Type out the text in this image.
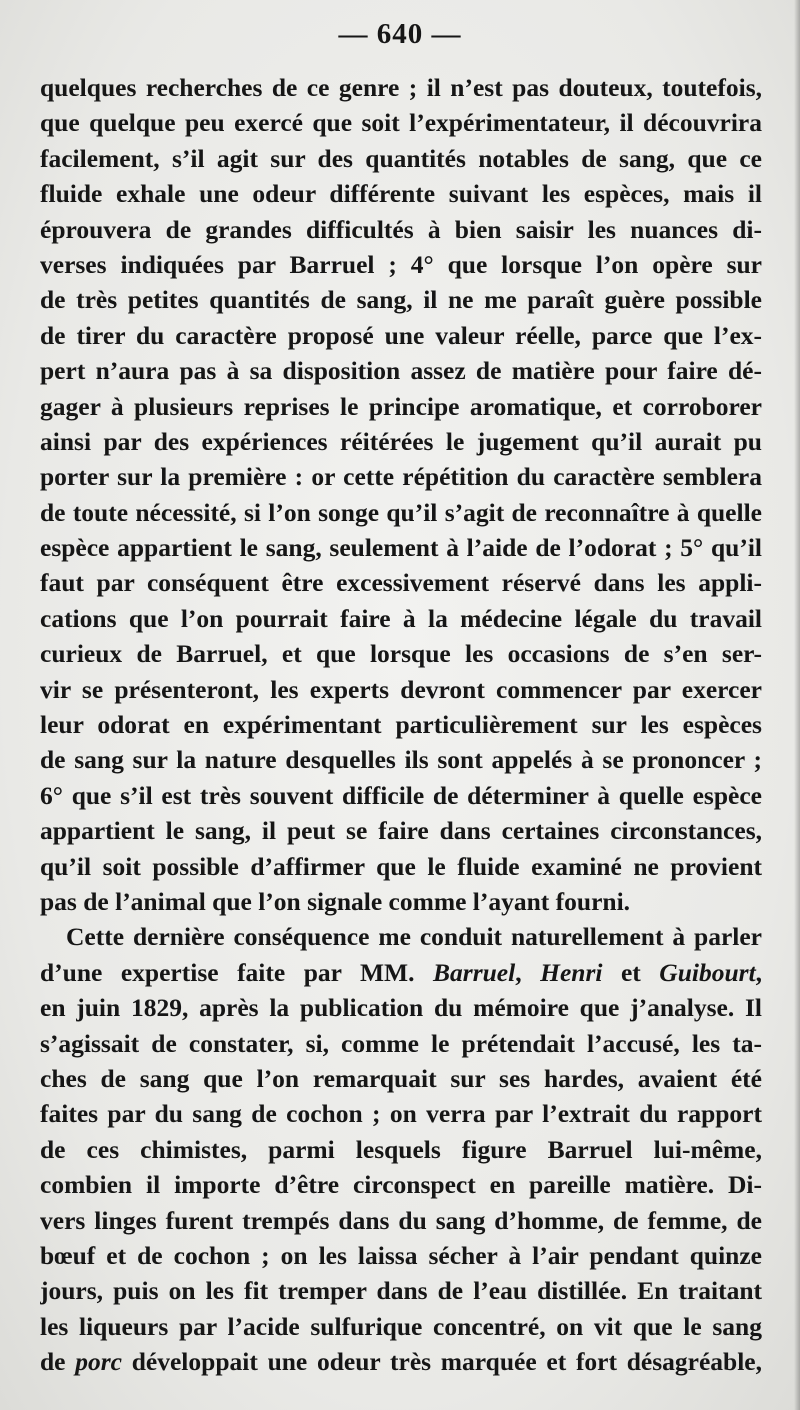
— 640 —
quelques recherches de ce genre ; il n’est pas douteux, toutefois,
que quelque peu exercé que soit l’expérimentateur, il découvrira
facilement, s’il agit sur des quantités notables de sang, que ce
fluide exhale une odeur différente suivant les espèces, mais il
éprouvera de grandes difficultés à bien saisir les nuances di-
verses indiquées par Barruel ; 4° que lorsque l’on opère sur
de très petites quantités de sang, il ne me paraît guère possible
de tirer du caractère proposé une valeur réelle, parce que l’ex-
pert n’aura pas à sa disposition assez de matière pour faire dé-
gager à plusieurs reprises le principe aromatique, et corroborer
ainsi par des expériences réitérées le jugement qu’il aurait pu
porter sur la première : or cette répétition du caractère semblera
de toute nécessité, si l’on songe qu’il s’agit de reconnaître à quelle
espèce appartient le sang, seulement à l’aide de l’odorat ; 5° qu’il
faut par conséquent être excessivement réservé dans les appli-
cations que l’on pourrait faire à la médecine légale du travail
curieux de Barruel, et que lorsque les occasions de s’en ser-
vir se présenteront, les experts devront commencer par exercer
leur odorat en expérimentant particulièrement sur les espèces
de sang sur la nature desquelles ils sont appelés à se prononcer ;
6° que s’il est très souvent difficile de déterminer à quelle espèce
appartient le sang, il peut se faire dans certaines circonstances,
qu’il soit possible d’affirmer que le fluide examiné ne provient
pas de l’animal que l’on signale comme l’ayant fourni.
Cette dernière conséquence me conduit naturellement à parler
d’une expertise faite par MM. Barruel, Henri et Guibourt,
en juin 1829, après la publication du mémoire que j’analyse. Il
s’agissait de constater, si, comme le prétendait l’accusé, les ta-
ches de sang que l’on remarquait sur ses hardes, avaient été
faites par du sang de cochon ; on verra par l’extrait du rapport
de ces chimistes, parmi lesquels figure Barruel lui-même,
combien il importe d’être circonspect en pareille matière. Di-
vers linges furent trempés dans du sang d’homme, de femme, de
bœuf et de cochon ; on les laissa sécher à l’air pendant quinze
jours, puis on les fit tremper dans de l’eau distillée. En traitant
les liqueurs par l’acide sulfurique concentré, on vit que le sang
de porc développait une odeur très marquée et fort désagréable,
